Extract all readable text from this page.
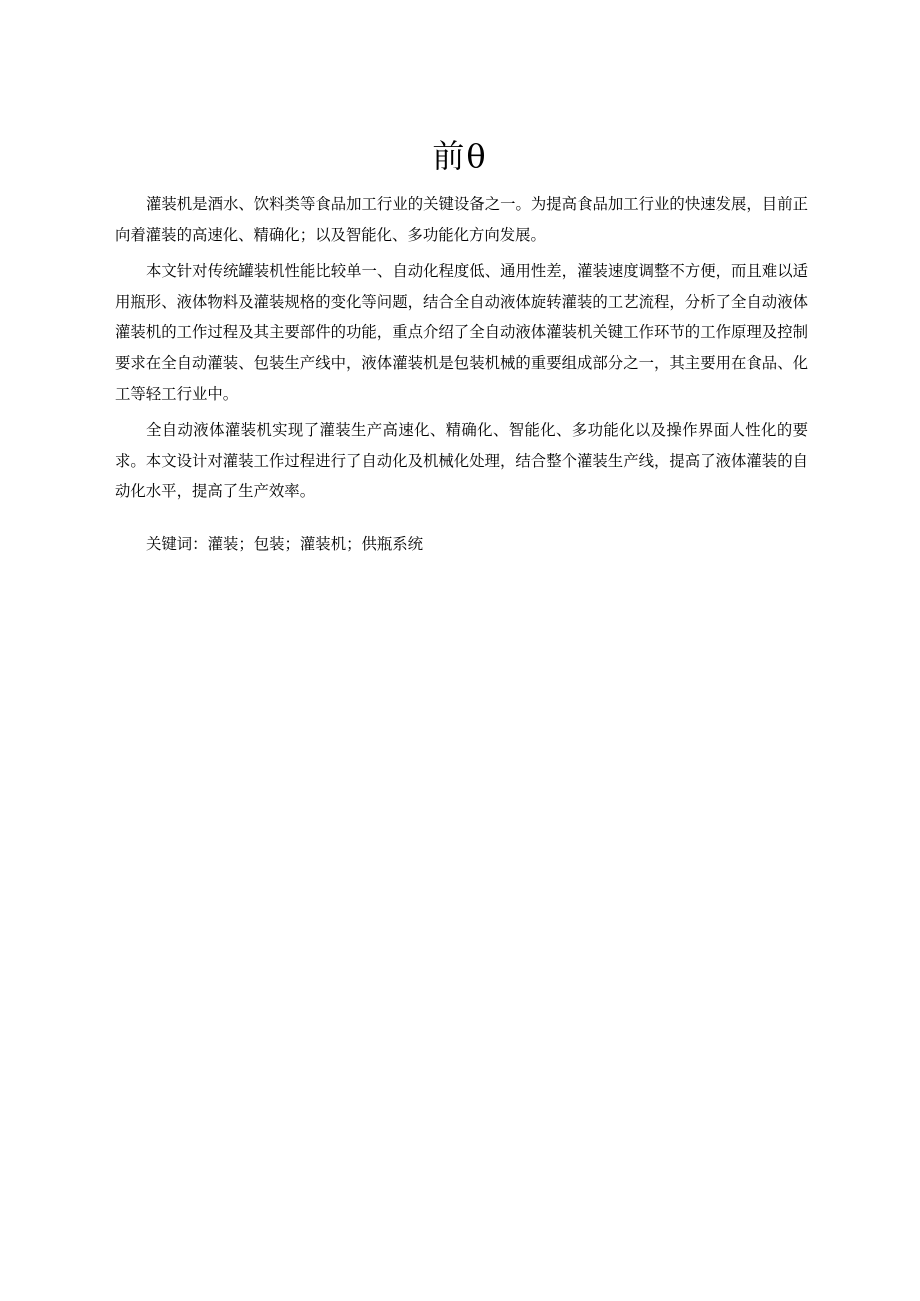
前θ

灌装机是酒水、饮料类等食品加工行业的关键设备之一。为提高食品加工行业的快速发展，目前正向着灌装的高速化、精确化；以及智能化、多功能化方向发展。

本文针对传统罐装机性能比较单一、自动化程度低、通用性差，灌装速度调整不方便，而且难以适用瓶形、液体物料及灌装规格的变化等问题，结合全自动液体旋转灌装的工艺流程，分析了全自动液体灌装机的工作过程及其主要部件的功能，重点介绍了全自动液体灌装机关键工作环节的工作原理及控制要求在全自动灌装、包装生产线中，液体灌装机是包装机械的重要组成部分之一，其主要用在食品、化工等轻工行业中。

全自动液体灌装机实现了灌装生产高速化、精确化、智能化、多功能化以及操作界面人性化的要求。本文设计对灌装工作过程进行了自动化及机械化处理，结合整个灌装生产线，提高了液体灌装的自动化水平，提高了生产效率。

关键词：灌装；包装；灌装机；供瓶系统
